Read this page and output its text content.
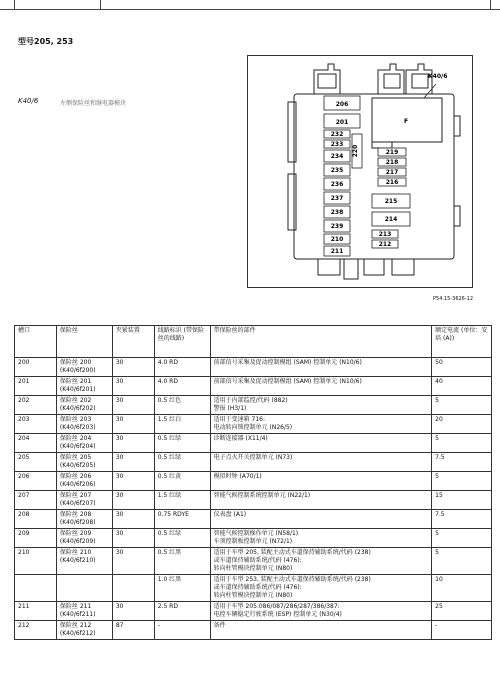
型号205, 253
K40/6	左侧保险丝和继电器模块	206
201
232
233
234
235
236
237
238
239
210
211
220	219
218
217
216
215
214
213
212
F
K40/6
P54.15-3626-12
槽口	保险丝	夹紧装置	线路标识 (带保险丝的线路)	带保险丝的部件	额定电流 (单位：安培 (A))
200	保险丝 200 (K40/6f200)	30	4.0 RD	前部信号采集及促动控制模组 (SAM) 控制单元 (N10/6)	50
201	保险丝 201 (K40/6f201)	30	4.0 RD	前部信号采集及促动控制模组 (SAM) 控制单元 (N10/6)	40
202	保险丝 202 (K40/6f202)	30	0.5 红色	适用于内部监控/代码 (882)
警报 (H3/1)	5
203	保险丝 203 (K40/6f203)	30	1.5 红白	适用于变速箱 716:
电动转向锁控制单元 (N26/5)	20
204	保险丝 204 (K40/6f204)	30	0.5 红绿	诊断连接器 (X11/4)	5
205	保险丝 205 (K40/6f205)	30	0.5 红绿	电子点火开关控制单元 (N73)	7.5
206	保险丝 206 (K40/6f206)	30	0.5 红黄	模拟时钟 (A70/1)	5
207	保险丝 207 (K40/6f207)	30	1.5 红绿	智能气候控制系统控制单元 (N22/1)	15
208	保险丝 208 (K40/6f208)	30	0.75 RDYE	仪表盘 (A1)	7.5
209	保险丝 209 (K40/6f209)	30	0.5 红绿	智能气候控制操作单元 (N58/1)
车顶控制板控制单元 (N72/1)	5
210	保险丝 210 (K40/6f210)	30	0.5 红黑	适用于车型 205, 装配主动式车道保持辅助系统/代码 (238)
或车道保持辅助系统/代码 (476):
转向柱管模块控制单元 (N80)	5
			1.0 红黑	适用于车型 253, 装配主动式车道保持辅助系统/代码 (238)
或车道保持辅助系统/代码 (476):
转向柱管模块控制单元 (N80)	10
211	保险丝 211 (K40/6f211)	30	2.5 RD	适用于车型 205.086/087/286/287/386/387:
电控车辆稳定行驶系统 (ESP) 控制单元 (N30/4)	25
212	保险丝 212 (K40/6f212)	87	-	备件	-
